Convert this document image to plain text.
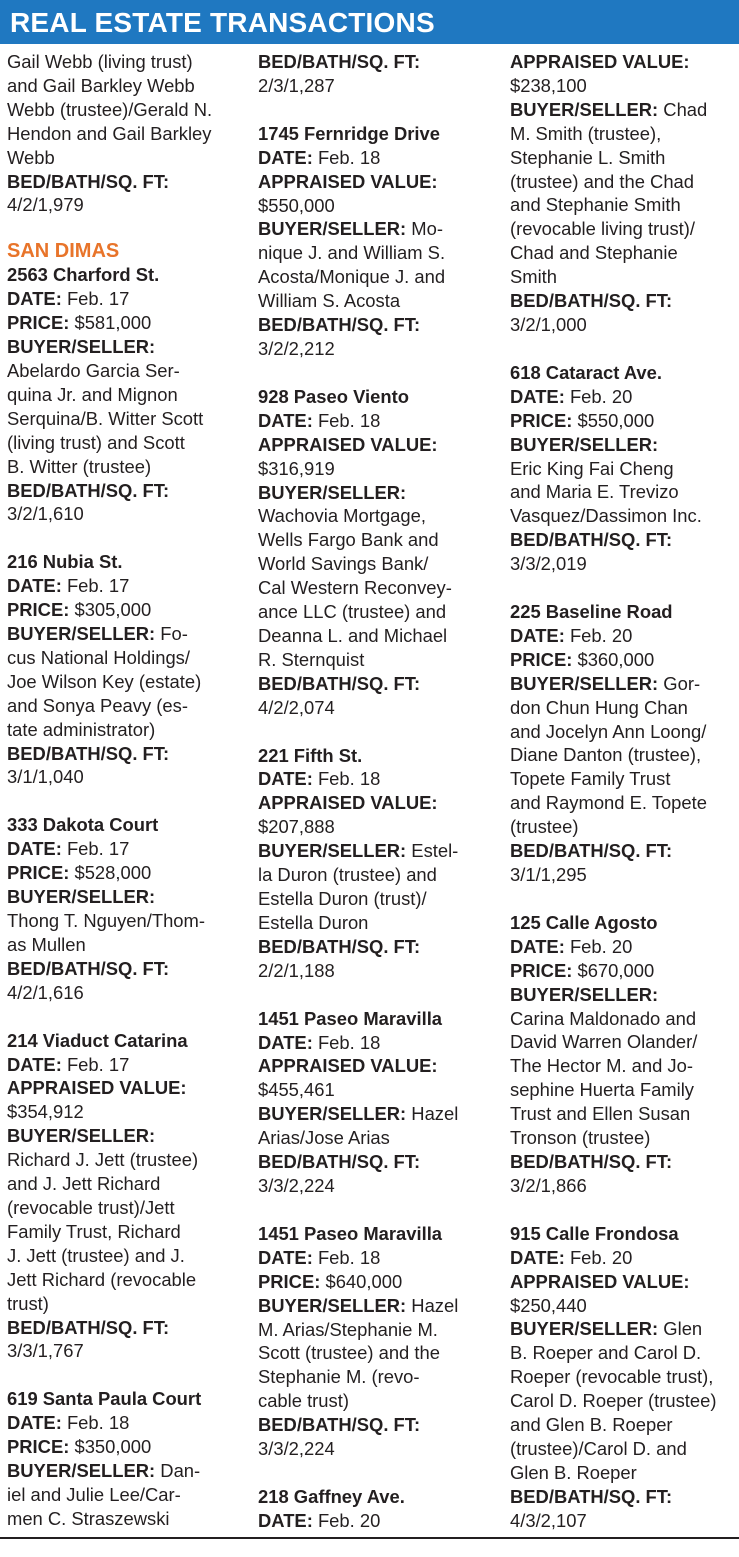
REAL ESTATE TRANSACTIONS

Gail Webb (living trust)

and Gail Barkley Webb

Webb (trustee)/Gerald N.

Hendon and Gail Barkley

Webb

BED/BATH/SQ. FT:

4/2/1,979

SAN DIMAS

2563 Charford St.

DATE: Feb. 17

PRICE: $581,000

BUYER/SELLER:

Abelardo Garcia Ser-

quina Jr. and Mignon

Serquina/B. Witter Scott

(living trust) and Scott

B. Witter (trustee)

BED/BATH/SQ. FT:

3/2/1,610

216 Nubia St.

DATE: Feb. 17

PRICE: $305,000

BUYER/SELLER: Fo-

cus National Holdings/

Joe Wilson Key (estate)

and Sonya Peavy (es-

tate administrator)

BED/BATH/SQ. FT:

3/1/1,040

333 Dakota Court

DATE: Feb. 17

PRICE: $528,000

BUYER/SELLER:

Thong T. Nguyen/Thom-

as Mullen

BED/BATH/SQ. FT:

4/2/1,616

214 Viaduct Catarina

DATE: Feb. 17

APPRAISED VALUE:

$354,912

BUYER/SELLER:

Richard J. Jett (trustee)

and J. Jett Richard

(revocable trust)/Jett

Family Trust, Richard

J. Jett (trustee) and J.

Jett Richard (revocable

trust)

BED/BATH/SQ. FT:

3/3/1,767

619 Santa Paula Court

DATE: Feb. 18

PRICE: $350,000

BUYER/SELLER: Dan-

iel and Julie Lee/Car-

men C. Straszewski

BED/BATH/SQ. FT:

2/3/1,287

1745 Fernridge Drive

DATE: Feb. 18

APPRAISED VALUE:

$550,000

BUYER/SELLER: Mo-

nique J. and William S.

Acosta/Monique J. and

William S. Acosta

BED/BATH/SQ. FT:

3/2/2,212

928 Paseo Viento

DATE: Feb. 18

APPRAISED VALUE:

$316,919

BUYER/SELLER:

Wachovia Mortgage,

Wells Fargo Bank and

World Savings Bank/

Cal Western Reconvey-

ance LLC (trustee) and

Deanna L. and Michael

R. Sternquist

BED/BATH/SQ. FT:

4/2/2,074

221 Fifth St.

DATE: Feb. 18

APPRAISED VALUE:

$207,888

BUYER/SELLER: Estel-

la Duron (trustee) and

Estella Duron (trust)/

Estella Duron

BED/BATH/SQ. FT:

2/2/1,188

1451 Paseo Maravilla

DATE: Feb. 18

APPRAISED VALUE:

$455,461

BUYER/SELLER: Hazel

Arias/Jose Arias

BED/BATH/SQ. FT:

3/3/2,224

1451 Paseo Maravilla

DATE: Feb. 18

PRICE: $640,000

BUYER/SELLER: Hazel

M. Arias/Stephanie M.

Scott (trustee) and the

Stephanie M. (revo-

cable trust)

BED/BATH/SQ. FT:

3/3/2,224

218 Gaffney Ave.

DATE: Feb. 20

APPRAISED VALUE:

$238,100

BUYER/SELLER: Chad

M. Smith (trustee),

Stephanie L. Smith

(trustee) and the Chad

and Stephanie Smith

(revocable living trust)/

Chad and Stephanie

Smith

BED/BATH/SQ. FT:

3/2/1,000

618 Cataract Ave.

DATE: Feb. 20

PRICE: $550,000

BUYER/SELLER:

Eric King Fai Cheng

and Maria E. Trevizo

Vasquez/Dassimon Inc.

BED/BATH/SQ. FT:

3/3/2,019

225 Baseline Road

DATE: Feb. 20

PRICE: $360,000

BUYER/SELLER: Gor-

don Chun Hung Chan

and Jocelyn Ann Loong/

Diane Danton (trustee),

Topete Family Trust

and Raymond E. Topete

(trustee)

BED/BATH/SQ. FT:

3/1/1,295

125 Calle Agosto

DATE: Feb. 20

PRICE: $670,000

BUYER/SELLER:

Carina Maldonado and

David Warren Olander/

The Hector M. and Jo-

sephine Huerta Family

Trust and Ellen Susan

Tronson (trustee)

BED/BATH/SQ. FT:

3/2/1,866

915 Calle Frondosa

DATE: Feb. 20

APPRAISED VALUE:

$250,440

BUYER/SELLER: Glen

B. Roeper and Carol D.

Roeper (revocable trust),

Carol D. Roeper (trustee)

and Glen B. Roeper

(trustee)/Carol D. and

Glen B. Roeper

BED/BATH/SQ. FT:

4/3/2,107
